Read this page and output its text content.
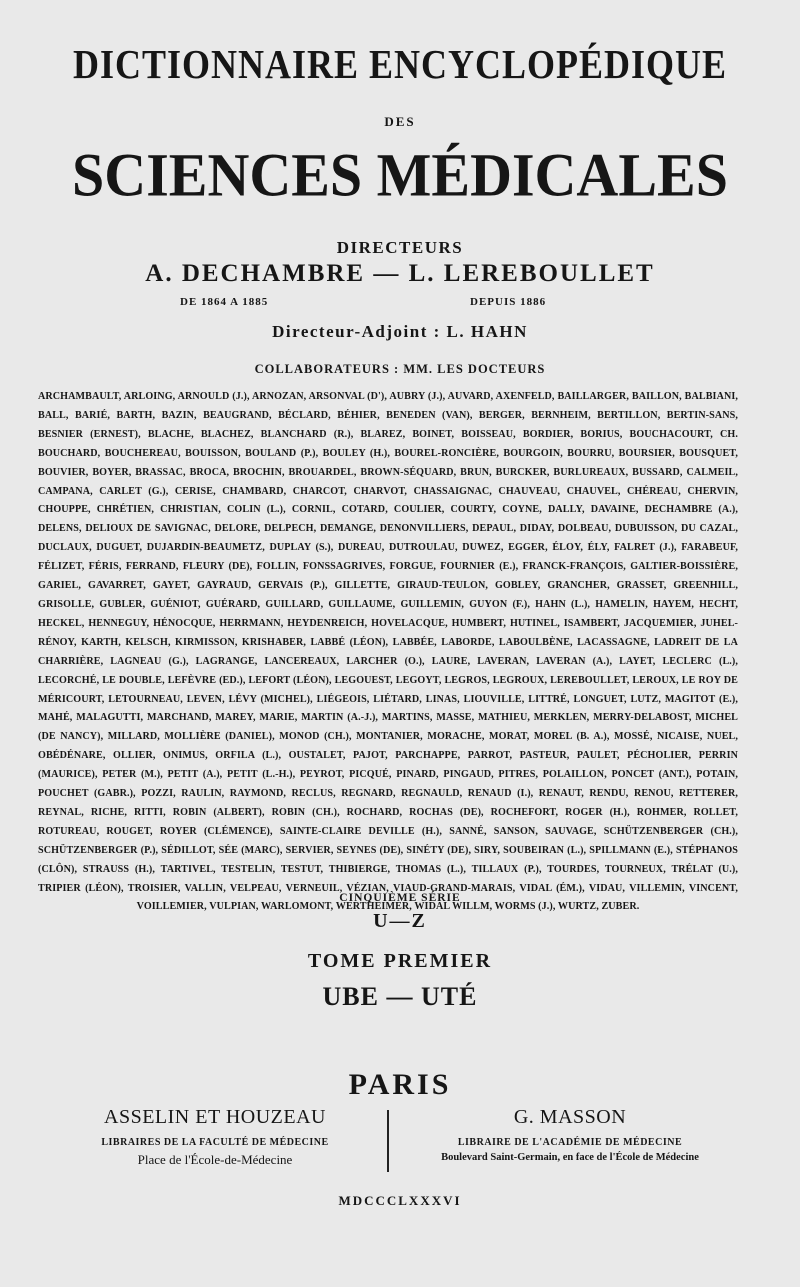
DICTIONNAIRE ENCYCLOPÉDIQUE
DES
SCIENCES MÉDICALES
DIRECTEURS
A. DECHAMBRE — L. LEREBOULLET
DE 1864 A 1885	DEPUIS 1886
Directeur-Adjoint : L. HAHN
COLLABORATEURS : MM. LES DOCTEURS
ARCHAMBAULT, ARLOING, ARNOULD (J.), ARNOZAN, ARSONVAL (D'), AUBRY (J.), AUVARD, AXENFELD, BAILLARGER, BAILLON, BALBIANI, BALL, BARIÉ, BARTH, BAZIN, BEAUGRAND, BÉCLARD, BÉHIER, BENEDEN (VAN), BERGER, BERNHEIM, BERTILLON, BERTIN-SANS, BESNIER (ERNEST), BLACHE, BLACHEZ, BLANCHARD (R.), BLAREZ, BOINET, BOISSEAU, BORDIER, BORIUS, BOUCHACOURT, CH. BOUCHARD, BOUCHEREAU, BOUISSON, BOULAND (P.), BOULEY (H.), BOUREL-RONCIÈRE, BOURGOIN, BOURRU, BOURSIER, BOUSQUET, BOUVIER, BOYER, BRASSAC, BROCA, BROCHIN, BROUARDEL, BROWN-SÉQUARD, BRUN, BURCKER, BURLUREAUX, BUSSARD, CALMEIL, CAMPANA, CARLET (G.), CERISE, CHAMBARD, CHARCOT, CHARVOT, CHASSAIGNAC, CHAUVEAU, CHAUVEL, CHÉREAU, CHERVIN, CHOUPPE, CHRÉTIEN, CHRISTIAN, COLIN (L.), CORNIL, COTARD, COULIER, COURTY, COYNE, DALLY, DAVAINE, DECHAMBRE (A.), DELENS, DELIOUX DE SAVIGNAC, DELORE, DELPECH, DEMANGE, DENONVILLIERS, DEPAUL, DIDAY, DOLBEAU, DUBUISSON, DU CAZAL, DUCLAUX, DUGUET, DUJARDIN-BEAUMETZ, DUPLAY (S.), DUREAU, DUTROULAU, DUWEZ, EGGER, ÉLOY, ÉLY, FALRET (J.), FARABEUF, FÉLIZET, FÉRIS, FERRAND, FLEURY (DE), FOLLIN, FONSSAGRIVES, FORGUE, FOURNIER (E.), FRANCK-FRANÇOIS, GALTIER-BOISSIÈRE, GARIEL, GAVARRET, GAYET, GAYRAUD, GERVAIS (P.), GILLETTE, GIRAUD-TEULON, GOBLEY, GRANCHER, GRASSET, GREENHILL, GRISOLLE, GUBLER, GUÉNIOT, GUÉRARD, GUILLARD, GUILLAUME, GUILLEMIN, GUYON (F.), HAHN (L.), HAMELIN, HAYEM, HECHT, HECKEL, HENNEGUY, HÉNOCQUE, HERRMANN, HEYDENREICH, HOVELACQUE, HUMBERT, HUTINEL, ISAMBERT, JACQUEMIER, JUHEL-RÉNOY, KARTH, KELSCH, KIRMISSON, KRISHABER, LABBÉ (LÉON), LABBÉE, LABORDE, LABOULBÈNE, LACASSAGNE, LADREIT DE LA CHARRIÈRE, LAGNEAU (G.), LAGRANGE, LANCEREAUX, LARCHER (O.), LAURE, LAVERAN, LAVERAN (A.), LAYET, LECLERC (L.), LECORCHÉ, LE DOUBLE, LEFÈVRE (ED.), LEFORT (LÉON), LEGOUEST, LEGOYT, LEGROS, LEGROUX, LEREBOULLET, LEROUX, LE ROY DE MÉRICOURT, LETOURNEAU, LEVEN, LÉVY (MICHEL), LIÉGEOIS, LIÉTARD, LINAS, LIOUVILLE, LITTRÉ, LONGUET, LUTZ, MAGITOT (E.), MAHÉ, MALAGUTTI, MARCHAND, MAREY, MARIE, MARTIN (A.-J.), MARTINS, MASSE, MATHIEU, MERKLEN, MERRY-DELABOST, MICHEL (DE NANCY), MILLARD, MOLLIÈRE (DANIEL), MONOD (CH.), MONTANIER, MORACHE, MORAT, MOREL (B. A.), MOSSÉ, NICAISE, NUEL, OBÉDÉNARE, OLLIER, ONIMUS, ORFILA (L.), OUSTALET, PAJOT, PARCHAPPE, PARROT, PASTEUR, PAULET, PÉCHOLIER, PERRIN (MAURICE), PETER (M.), PETIT (A.), PETIT (L.-H.), PEYROT, PICQUÉ, PINARD, PINGAUD, PITRES, POLAILLON, PONCET (ANT.), POTAIN, POUCHET (GABR.), POZZI, RAULIN, RAYMOND, RECLUS, REGNARD, REGNAULD, RENAUD (I.), RENAUT, RENDU, RENOU, RETTERER, REYNAL, RICHE, RITTI, ROBIN (ALBERT), ROBIN (CH.), ROCHARD, ROCHAS (DE), ROCHEFORT, ROGER (H.), ROHMER, ROLLET, ROTUREAU, ROUGET, ROYER (CLÉMENCE), SAINTE-CLAIRE DEVILLE (H.), SANNÉ, SANSON, SAUVAGE, SCHÜTZENBERGER (CH.), SCHÜTZENBERGER (P.), SÉDILLOT, SÉE (MARC), SERVIER, SEYNES (DE), SINÉTY (DE), SIRY, SOUBEIRAN (L.), SPILLMANN (E.), STÉPHANOS (CLÔN), STRAUSS (H.), TARTIVEL, TESTELIN, TESTUT, THIBIERGE, THOMAS (L.), TILLAUX (P.), TOURDES, TOURNEUX, TRÉLAT (U.), TRIPIER (LÉON), TROISIER, VALLIN, VELPEAU, VERNEUIL, VÉZIAN, VIAUD-GRAND-MARAIS, VIDAL (ÉM.), VIDAU, VILLEMIN, VINCENT, VOILLEMIER, VULPIAN, WARLOMONT, WERTHEIMER, WIDAL WILLM, WORMS (J.), WURTZ, ZUBER.
CINQUIÈME SÉRIE
U—Z
TOME PREMIER
UBE — UTÉ
PARIS
ASSELIN ET HOUZEAU
LIBRAIRES DE LA FACULTÉ DE MÉDECINE
Place de l'École-de-Médecine
G. MASSON
LIBRAIRE DE L'ACADÉMIE DE MÉDECINE
Boulevard Saint-Germain, en face de l'École de Médecine
MDCCCLXXXVI
